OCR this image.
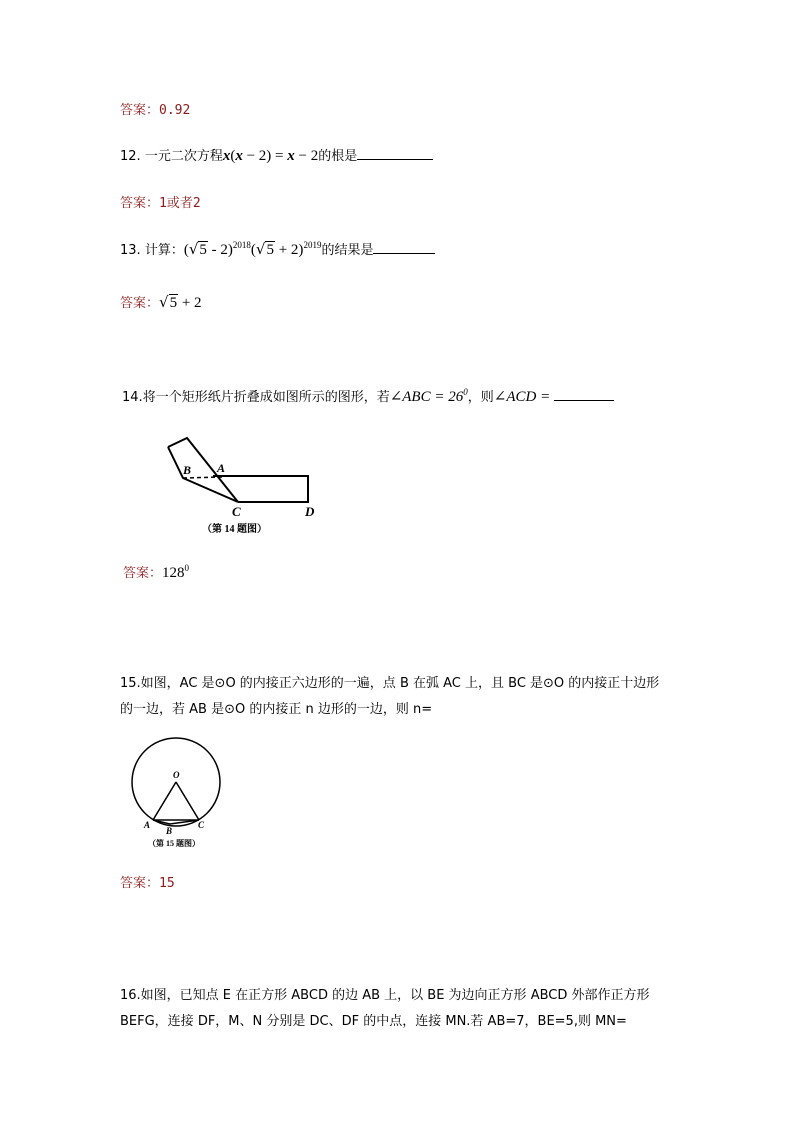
答案：0.92
12. 一元二次方程x(x − 2) = x − 2的根是
答案：1或者2
13. 计算：$(√5 - 2)^{2018}(√5 + 2)^{2019}$的结果是
答案：√5 + 2
14.将一个矩形纸片折叠成如图所示的图形，若∠ABC = $26^0$，则∠ACD =
B A
C	D
（第 14 题图）
答案：$128^0$
15.如图，AC 是⊙O 的内接正六边形的一遍，点 B 在弧 AC 上，且 BC 是⊙O 的内接正十边形
的一边，若 AB 是⊙O 的内接正 n 边形的一边，则 n=
O
A
B
C
（第 15 题图）
答案：15
16.如图，已知点 E 在正方形 ABCD 的边 AB 上，以 BE 为边向正方形 ABCD 外部作正方形
BEFG，连接 DF，M、N 分别是 DC、DF 的中点，连接 MN.若 AB=7，BE=5,则 MN=
